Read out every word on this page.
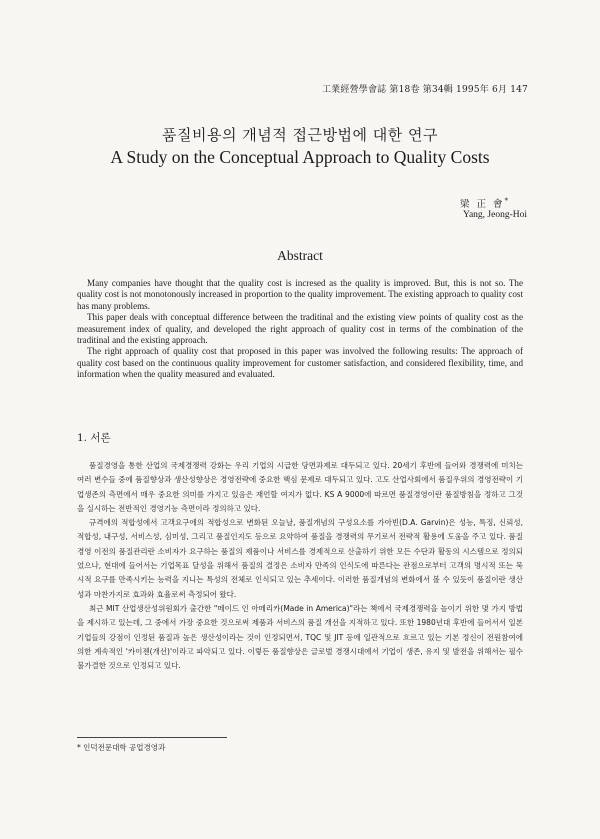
工業經營學會誌 第18卷 第34輯 1995年 6月 147
품질비용의 개념적 접근방법에 대한 연구
A Study on the Conceptual Approach to Quality Costs
梁 正 會*
Yang, Jeong-Hoi
Abstract

Many companies have thought that the quality cost is incresed as the quality is improved. But, this is not so. The quality cost is not monotonously increased in proportion to the quality improvement. The existing approach to quality cost has many problems.

This paper deals with conceptual difference between the traditinal and the existing view points of quality cost as the measurement index of quality, and developed the right approach of quality cost in terms of the combination of the traditinal and the existing approach.

The right approach of quality cost that proposed in this paper was involved the following results: The approach of quality cost based on the continuous quality improvement for customer satisfaction, and considered flexibility, time, and information when the quality measured and evaluated.

1. 서론

품질경영을 통한 산업의 국제경쟁력 강화는 우리 기업의 시급한 당면과제로 대두되고 있다. 20세기 후반에 들어와 경쟁력에 미치는 여러 변수들 중에 품질향상과 생산성향상은 경영전략에 중요한 핵심 문제로 대두되고 있다. 고도 산업사회에서 품질우위의 경영전략이 기업생존의 측면에서 매우 중요한 의미를 가지고 있음은 재언할 여지가 없다. KS A 9000에 따르면 품질경영이란 품질방침을 정하고 그것을 실시하는 전반적인 경영기능 측면이라 정의하고 있다.

규격에의 적합성에서 고객요구에의 적합성으로 변화된 오늘날, 품질개념의 구성요소를 가아빈(D.A. Garvin)은 성능, 특징, 신뢰성, 적합성, 내구성, 서비스성, 심미성, 그리고 품질인지도 등으로 요약하여 품질을 경쟁력의 무기로서 전략적 활용에 도움을 주고 있다. 품질경영 이전의 품질관리란 소비자가 요구하는 품질의 제품이나 서비스를 경제적으로 산출하기 위한 모든 수단과 활동의 시스템으로 정의되었으나, 현대에 들어서는 기업목표 달성을 위해서 품질의 결정은 소비자 만족의 인식도에 따른다는 관점으로부터 고객의 명시적 또는 묵시적 요구를 만족시키는 능력을 지니는 특성의 전체로 인식되고 있는 추세이다. 이러한 품질개념의 변화에서 볼 수 있듯이 품질이란 생산성과 마찬가지로 효과와 효율로써 측정되어 왔다.

최근 MIT 산업생산성위원회가 출간한 "메이드 인 아메리카(Made in America)"라는 책에서 국제경쟁력을 높이기 위한 몇 가지 방법을 제시하고 있는데, 그 중에서 가장 중요한 것으로써 제품과 서비스의 품질 개선을 지적하고 있다. 또한 1980년대 후반에 들어서서 일본 기업들의 강점이 인정된 품질과 높은 생산성이라는 것이 인정되면서, TQC 및 JIT 등에 일관적으로 흐르고 있는 기본 정신이 전원참여에 의한 계속적인 '카이젠(개선)'이라고 파악되고 있다. 이렇든 품질향상은 글로벌 경쟁시대에서 기업이 생존, 유지 및 발전을 위해서는 필수불가결한 것으로 인정되고 있다.

* 인덕전문대학 공업경영과
